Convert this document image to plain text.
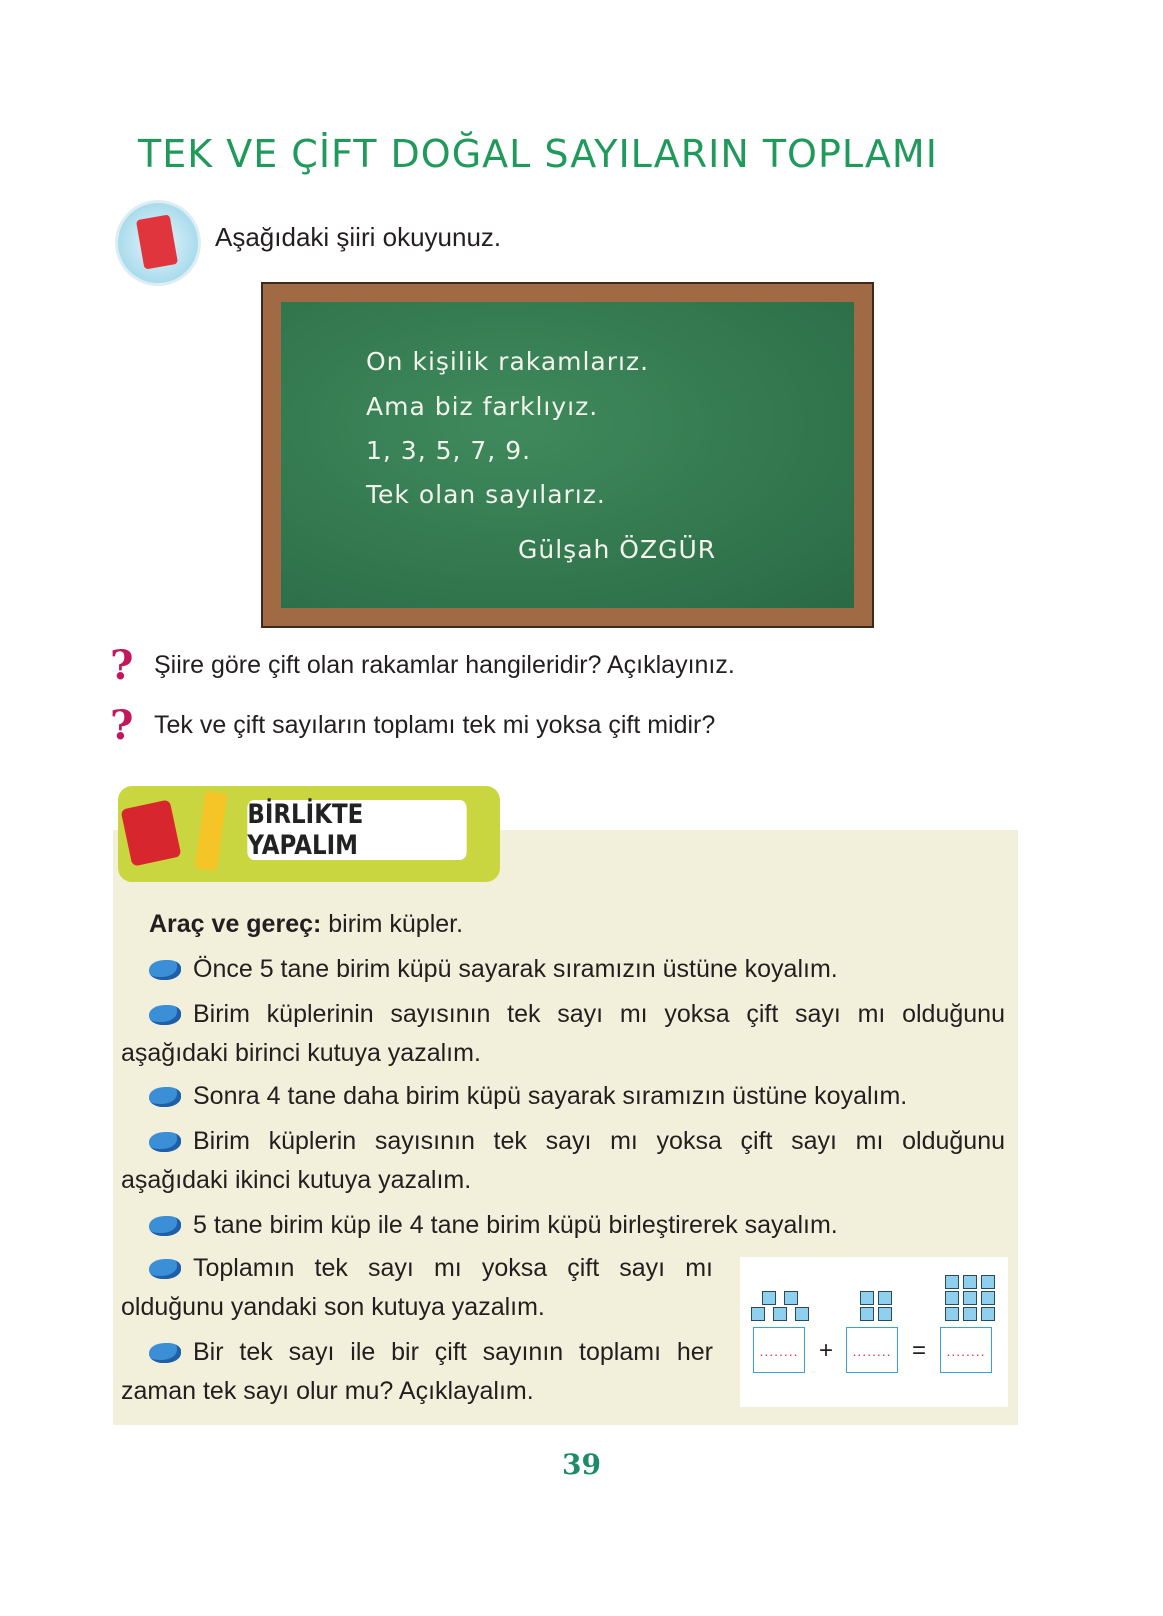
TEK VE ÇİFT DOĞAL SAYILARIN TOPLAMI
Aşağıdaki şiiri okuyunuz.
On kişilik rakamlarız.
Ama biz farklıyız.
1, 3, 5, 7, 9.
Tek olan sayılarız.
Gülşah ÖZGÜR
? Şiire göre çift olan rakamlar hangileridir? Açıklayınız.
? Tek ve çift sayıların toplamı tek mi yoksa çift midir?
Araç ve gereç: birim küpler.
Önce 5 tane birim küpü sayarak sıramızın üstüne koyalım.
Birim küplerinin sayısının tek sayı mı yoksa çift sayı mı olduğunu
aşağıdaki birinci kutuya yazalım.
Sonra 4 tane daha birim küpü sayarak sıramızın üstüne koyalım.
Birim küplerin sayısının tek sayı mı yoksa çift sayı mı olduğunu
aşağıdaki ikinci kutuya yazalım.
5 tane birim küp ile 4 tane birim küpü birleştirerek sayalım.
Toplamın tek sayı mı yoksa çift sayı mı
olduğunu yandaki son kutuya yazalım.
Bir tek sayı ile bir çift sayının toplamı her
zaman tek sayı olur mu? Açıklayalım.
BİRLİKTE YAPALIM
........ +	........ =	........
39
